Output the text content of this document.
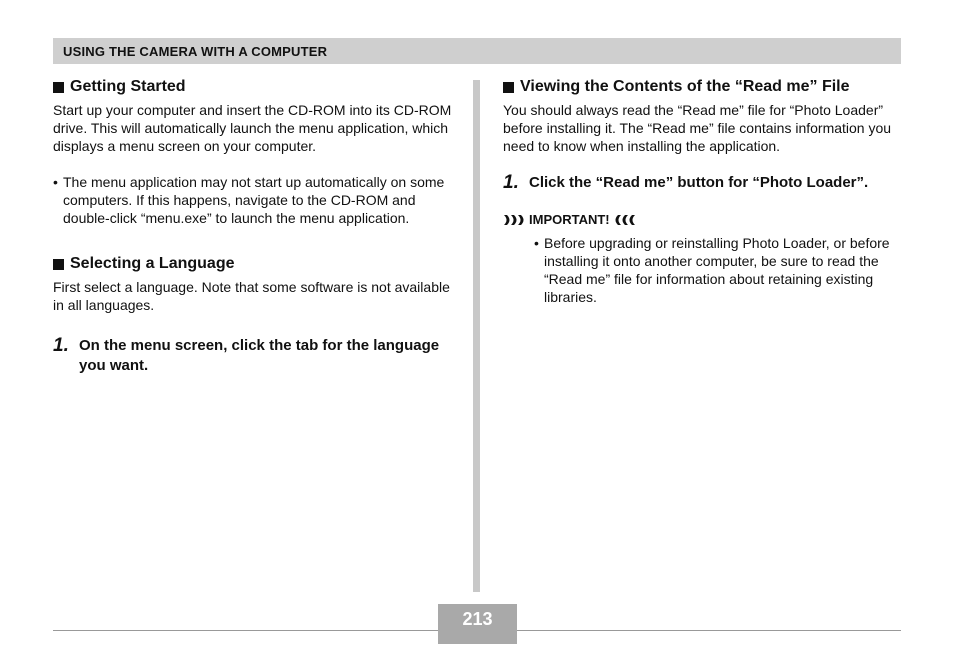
USING THE CAMERA WITH A COMPUTER
Getting Started

Start up your computer and insert the CD-ROM into its CD-ROM drive. This will automatically launch the menu application, which displays a menu screen on your computer.

• The menu application may not start up automatically on some computers. If this happens, navigate to the CD-ROM and double-click “menu.exe” to launch the menu application.
Selecting a Language

First select a language. Note that some software is not available in all languages.

1. On the menu screen, click the tab for the language you want.
Viewing the Contents of the “Read me” File

You should always read the “Read me” file for “Photo Loader” before installing it. The “Read me” file contains information you need to know when installing the application.

1. Click the “Read me” button for “Photo Loader”.
IMPORTANT!
• Before upgrading or reinstalling Photo Loader, or before installing it onto another computer, be sure to read the “Read me” file for information about retaining existing libraries.
213
